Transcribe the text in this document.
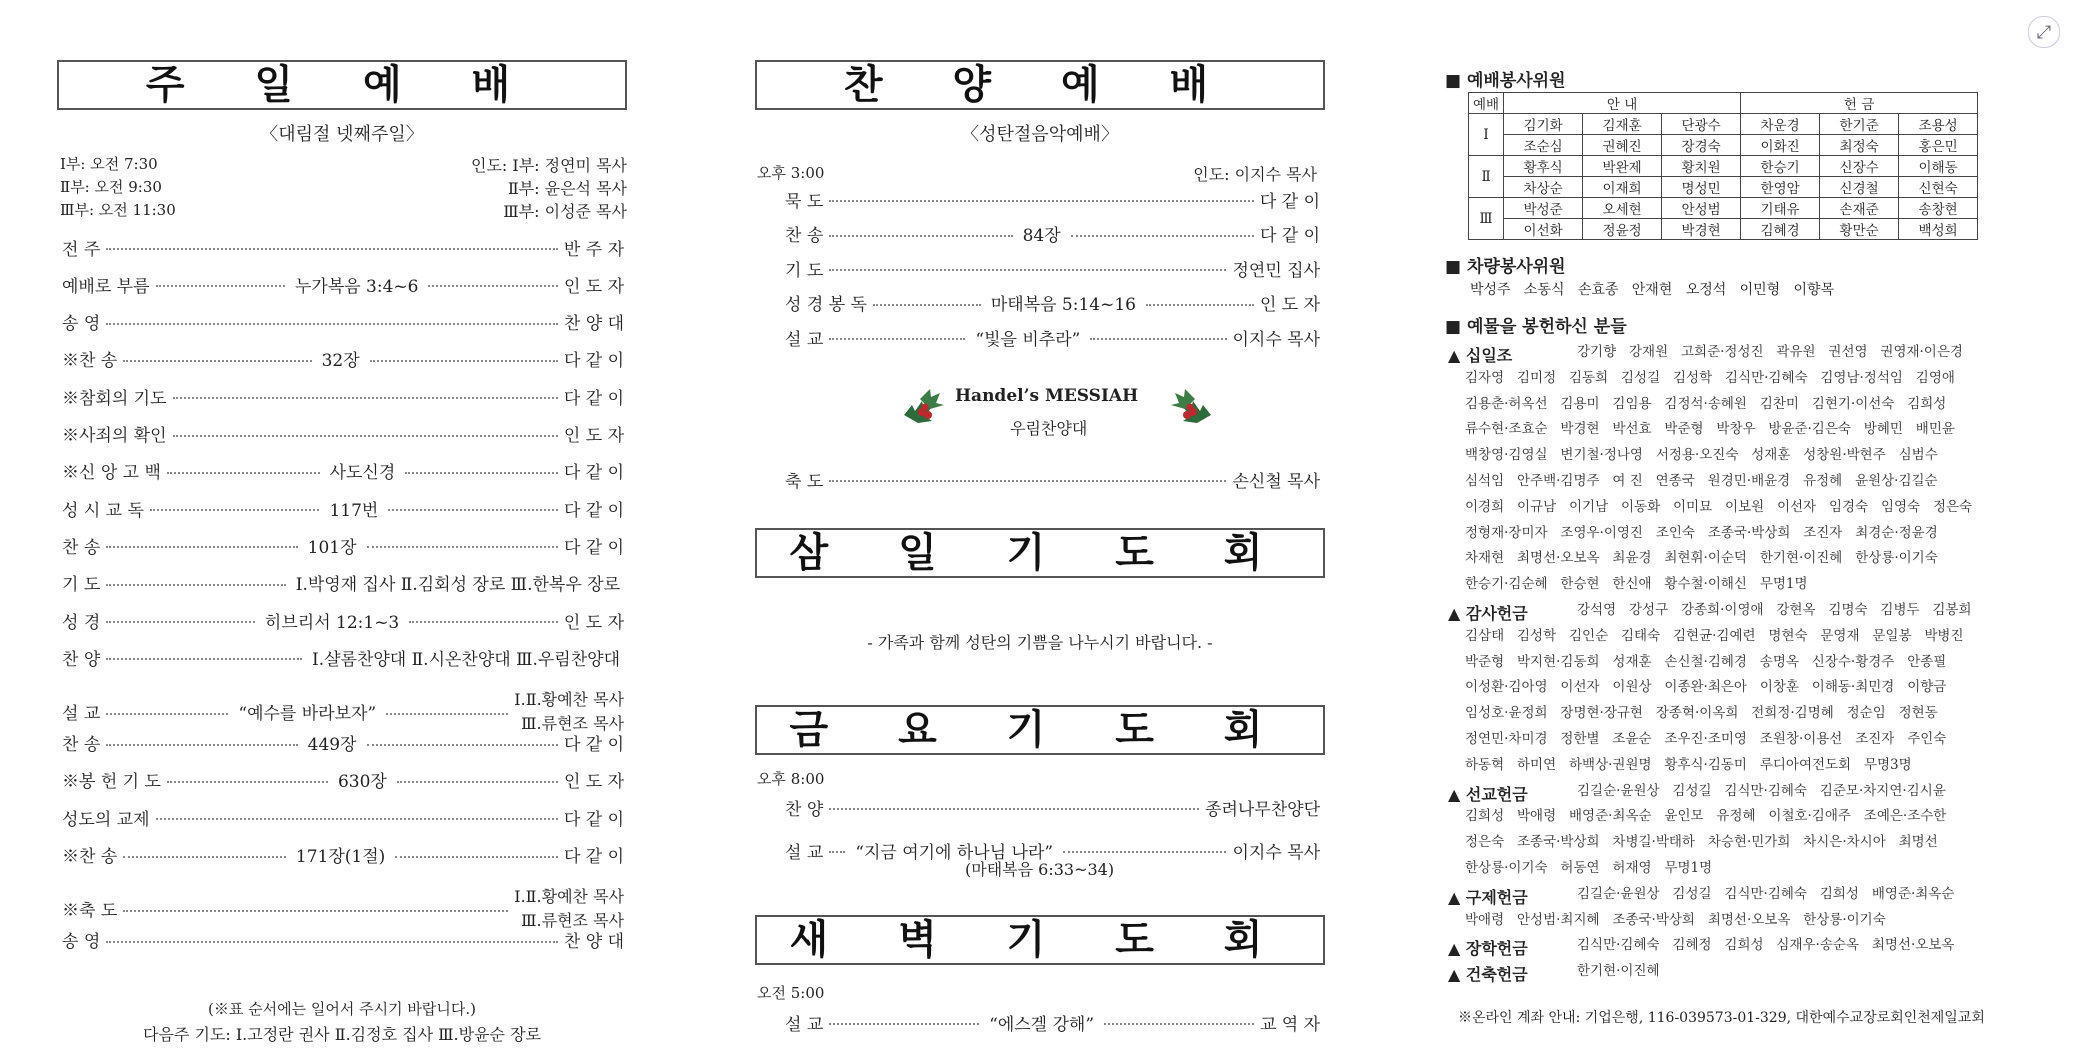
주 일 예 배
〈대림절 넷째주일〉
Ⅰ부: 오전 7:30
Ⅱ부: 오전 9:30
Ⅲ부: 오전 11:30
인도: Ⅰ부: 정연미 목사
Ⅱ부: 윤은석 목사
Ⅲ부: 이성준 목사
전 주	반 주 자
예배로 부름	누가복음 3:4~6	인 도 자
송 영	찬 양 대
※찬 송	32장	다 같 이
※참회의 기도	다 같 이
※사죄의 확인	인 도 자
※신 앙 고 백	사도신경	다 같 이
성 시 교 독	117번	다 같 이
찬 송	101장	다 같 이
기 도	Ⅰ.박영재 집사 Ⅱ.김회성 장로 Ⅲ.한복우 장로
성 경	히브리서 12:1~3	인 도 자
찬 양	Ⅰ.샬롬찬양대 Ⅱ.시온찬양대 Ⅲ.우림찬양대
설 교	“예수를 바라보자”
Ⅰ.Ⅱ.황예찬 목사
Ⅲ.류현조 목사
찬 송	449장	다 같 이
※봉 헌 기 도	630장	인 도 자
성도의 교제	다 같 이
※찬 송	171장(1절)	다 같 이
※축 도
Ⅰ.Ⅱ.황예찬 목사
Ⅲ.류현조 목사
송 영	찬 양 대
(※표 순서에는 일어서 주시기 바랍니다.)
다음주 기도: Ⅰ.고정란 권사 Ⅱ.김정호 집사 Ⅲ.방윤순 장로
찬 양 예 배
〈성탄절음악예배〉
오후 3:00	인도: 이지수 목사
묵 도	다 같 이
찬 송	84장	다 같 이
기 도	정연민 집사
성 경 봉 독	마태복음 5:14~16	인 도 자
설 교	“빛을 비추라”	이지수 목사
Handel’s MESSIAH
우림찬양대
축 도	손신철 목사
삼 일 기 도 회
- 가족과 함께 성탄의 기쁨을 나누시기 바랍니다. -
금 요 기 도 회
오후 8:00
찬 양	종려나무찬양단
설 교 “지금 여기에 하나님 나라”	이지수 목사
(마태복음 6:33~34)
새 벽 기 도 회
오전 5:00
설 교	“에스겔 강해”	교 역 자
■ 예배봉사위원
예배	안 내			헌 금		
Ⅰ	김기화	김재훈	단광수	차운경	한기준	조용성
	조순심	권혜진	장경숙	이화진	최정숙	홍은민
Ⅱ	황후식	박완제	황치원	한승기	신장수	이해동
	차상순	이재희	명성민	한영암	신경철	신현숙
Ⅲ	박성준	오세현	안성범	기태유	손재준	송창현
	이선화	정윤정	박경현	김혜경	황만순	백성희
■ 차량봉사위원
박성주   소동식   손효종   안재현   오정석   이민형   이향목
■ 예물을 봉헌하신 분들
▲ 십일조	강기향   강재원   고희준·정성진   곽유원   권선영   권영재·이은경
김자영   김미정   김동희   김성길   김성학   김식만·김혜숙   김영남·정석임   김영애
김용춘·허옥선   김용미   김임용   김정석·송혜원   김찬미   김현기·이선숙   김희성
류수현·조효순   박경현   박선효   박준형   박창우   방윤준·김은숙   방혜민   배민윤
백창영·김영실   변기철·정나영   서정용·오진숙   성재훈   성창원·박현주   심범수
심석임   안주백·김명주   여 진   연종국   원경민·배윤경   유정혜   윤원상·김길순
이경희   이규남   이기남   이동화   이미묘   이보원   이선자   임경숙   임영숙   정은숙
정형재·장미자   조영우·이영진   조인숙   조종국·박상희   조진자   최경순·정윤경
차재현   최명선·오보옥   최윤경   최현휘·이순덕   한기현·이진혜   한상룡·이기숙
한승기·김순혜   한승현   한신애   황수철·이해신   무명1명
▲ 감사헌금	강석영   강성구   강종희·이영애   강현옥   김명숙   김병두   김봉희
김삼태   김성학   김인순   김태숙   김현균·김예련   명현숙   문영재   문일봉   박병진
박준형   박지현·김동희   성재훈   손신철·김혜경   송명옥   신장수·황경주   안종필
이성환·김아영   이선자   이원상   이종완·최은아   이창훈   이해동·최민경   이향금
임성호·윤정희   장명현·장규현   장종혁·이옥희   전희정·김명혜   정순임   정현동
정연민·차미경   정한별   조윤순   조우진·조미영   조원창·이용선   조진자   주인숙
하동혁   하미연   하백상·권원명   황후식·김동미   루디아여전도회   무명3명
▲ 선교헌금	김길순·윤원상   김성길   김식만·김혜숙   김준모·차지연·김시윤
김희성   박애령   배영준·최옥순   윤인모   유정혜   이철호·김애주   조예은·조수한
정은숙   조종국·박상희   차병길·박태하   차승현·민가희   차시은·차시아   최명선
한상룡·이기숙   허동연   허재영   무명1명
▲ 구제헌금	김길순·윤원상   김성길   김식만·김혜숙   김희성   배영준·최옥순
박애령   안성범·최지혜   조종국·박상희   최명선·오보옥   한상룡·이기숙
▲ 장학헌금	김식만·김혜숙   김혜정   김희성   심재우·송순옥   최명선·오보옥
▲ 건축헌금	한기현·이진혜
※온라인 계좌 안내: 기업은행, 116-039573-01-329, 대한예수교장로회인천제일교회
⤢
